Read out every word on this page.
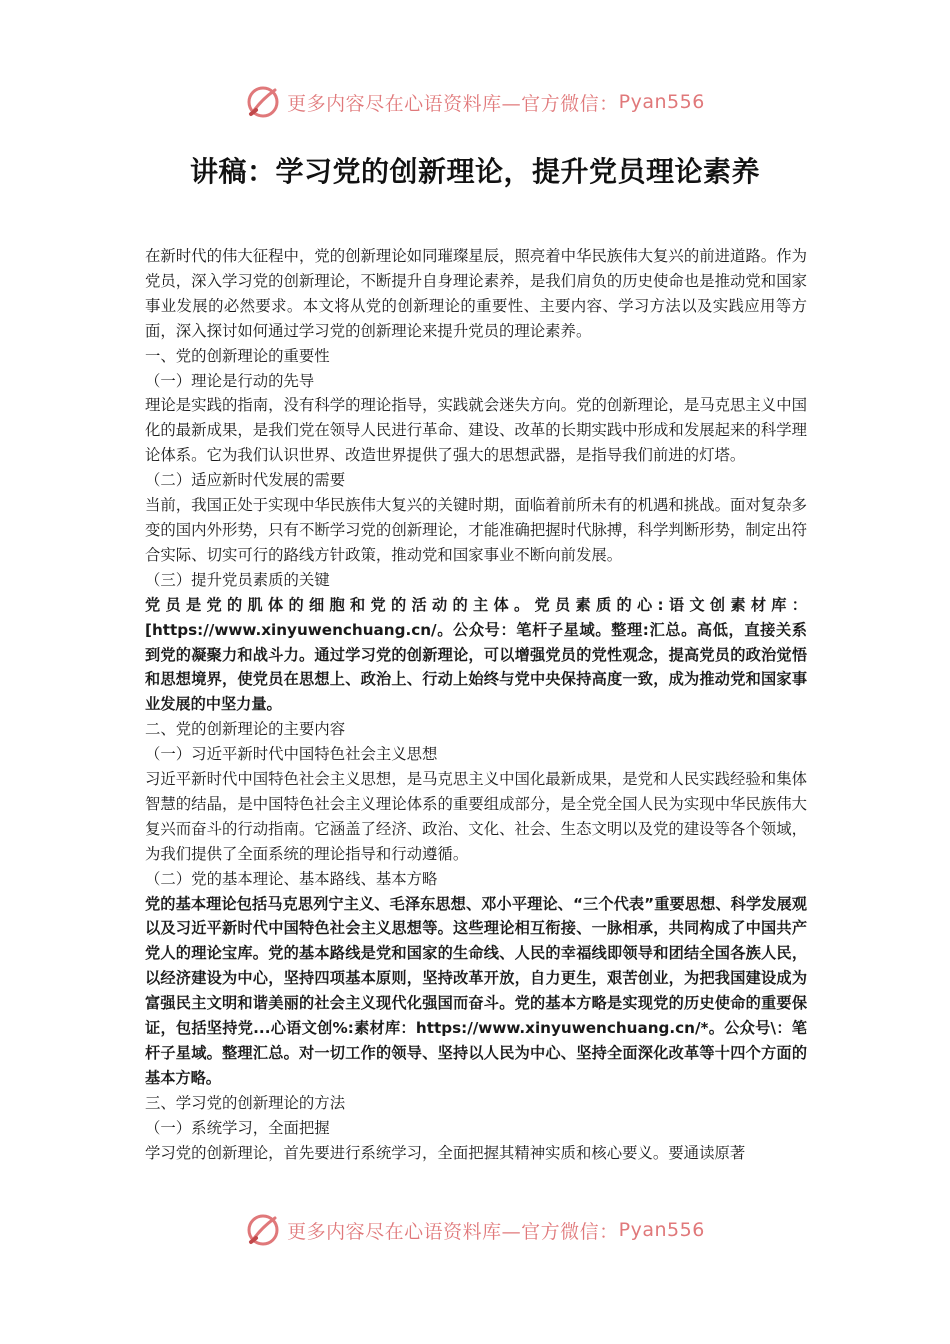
更多内容尽在心语资料库—官方微信： Pyan556
讲稿：学习党的创新理论，提升党员理论素养

在新时代的伟大征程中，党的创新理论如同璀璨星辰，照亮着中华民族伟大复兴的前进道路。作为党员，深入学习党的创新理论，不断提升自身理论素养，是我们肩负的历史使命也是推动党和国家事业发展的必然要求。本文将从党的创新理论的重要性、主要内容、学习方法以及实践应用等方面，深入探讨如何通过学习党的创新理论来提升党员的理论素养。

一、党的创新理论的重要性

（一）理论是行动的先导

理论是实践的指南，没有科学的理论指导，实践就会迷失方向。党的创新理论，是马克思主义中国化的最新成果，是我们党在领导人民进行革命、建设、改革的长期实践中形成和发展起来的科学理论体系。它为我们认识世界、改造世界提供了强大的思想武器，是指导我们前进的灯塔。

（二）适应新时代发展的需要

当前，我国正处于实现中华民族伟大复兴的关键时期，面临着前所未有的机遇和挑战。面对复杂多变的国内外形势，只有不断学习党的创新理论，才能准确把握时代脉搏，科学判断形势，制定出符合实际、切实可行的路线方针政策，推动党和国家事业不断向前发展。

（三）提升党员素质的关键

党员是党的肌体的细胞和党的活动的主体。党员素质的心:语文创素材库：[https://www.xinyuwenchuang.cn/。公众号：笔杆子星域。整理:汇总。高低，直接关系到党的凝聚力和战斗力。通过学习党的创新理论，可以增强党员的党性观念，提高党员的政治觉悟和思想境界，使党员在思想上、政治上、行动上始终与党中央保持高度一致，成为推动党和国家事业发展的中坚力量。

二、党的创新理论的主要内容

（一）习近平新时代中国特色社会主义思想

习近平新时代中国特色社会主义思想，是马克思主义中国化最新成果，是党和人民实践经验和集体智慧的结晶，是中国特色社会主义理论体系的重要组成部分，是全党全国人民为实现中华民族伟大复兴而奋斗的行动指南。它涵盖了经济、政治、文化、社会、生态文明以及党的建设等各个领域，为我们提供了全面系统的理论指导和行动遵循。

（二）党的基本理论、基本路线、基本方略

党的基本理论包括马克思列宁主义、毛泽东思想、邓小平理论、“三个代表”重要思想、科学发展观以及习近平新时代中国特色社会主义思想等。这些理论相互衔接、一脉相承，共同构成了中国共产党人的理论宝库。党的基本路线是党和国家的生命线、人民的幸福线即领导和团结全国各族人民，以经济建设为中心，坚持四项基本原则，坚持改革开放，自力更生，艰苦创业，为把我国建设成为富强民主文明和谐美丽的社会主义现代化强国而奋斗。党的基本方略是实现党的历史使命的重要保证，包括坚持党...心语文创%:素材库：https://www.xinyuwenchuang.cn/*。公众号\：笔杆子星域。整理汇总。对一切工作的领导、坚持以人民为中心、坚持全面深化改革等十四个方面的基本方略。

三、学习党的创新理论的方法

（一）系统学习，全面把握

学习党的创新理论，首先要进行系统学习，全面把握其精神实质和核心要义。要通读原著

更多内容尽在心语资料库—官方微信： Pyan556
